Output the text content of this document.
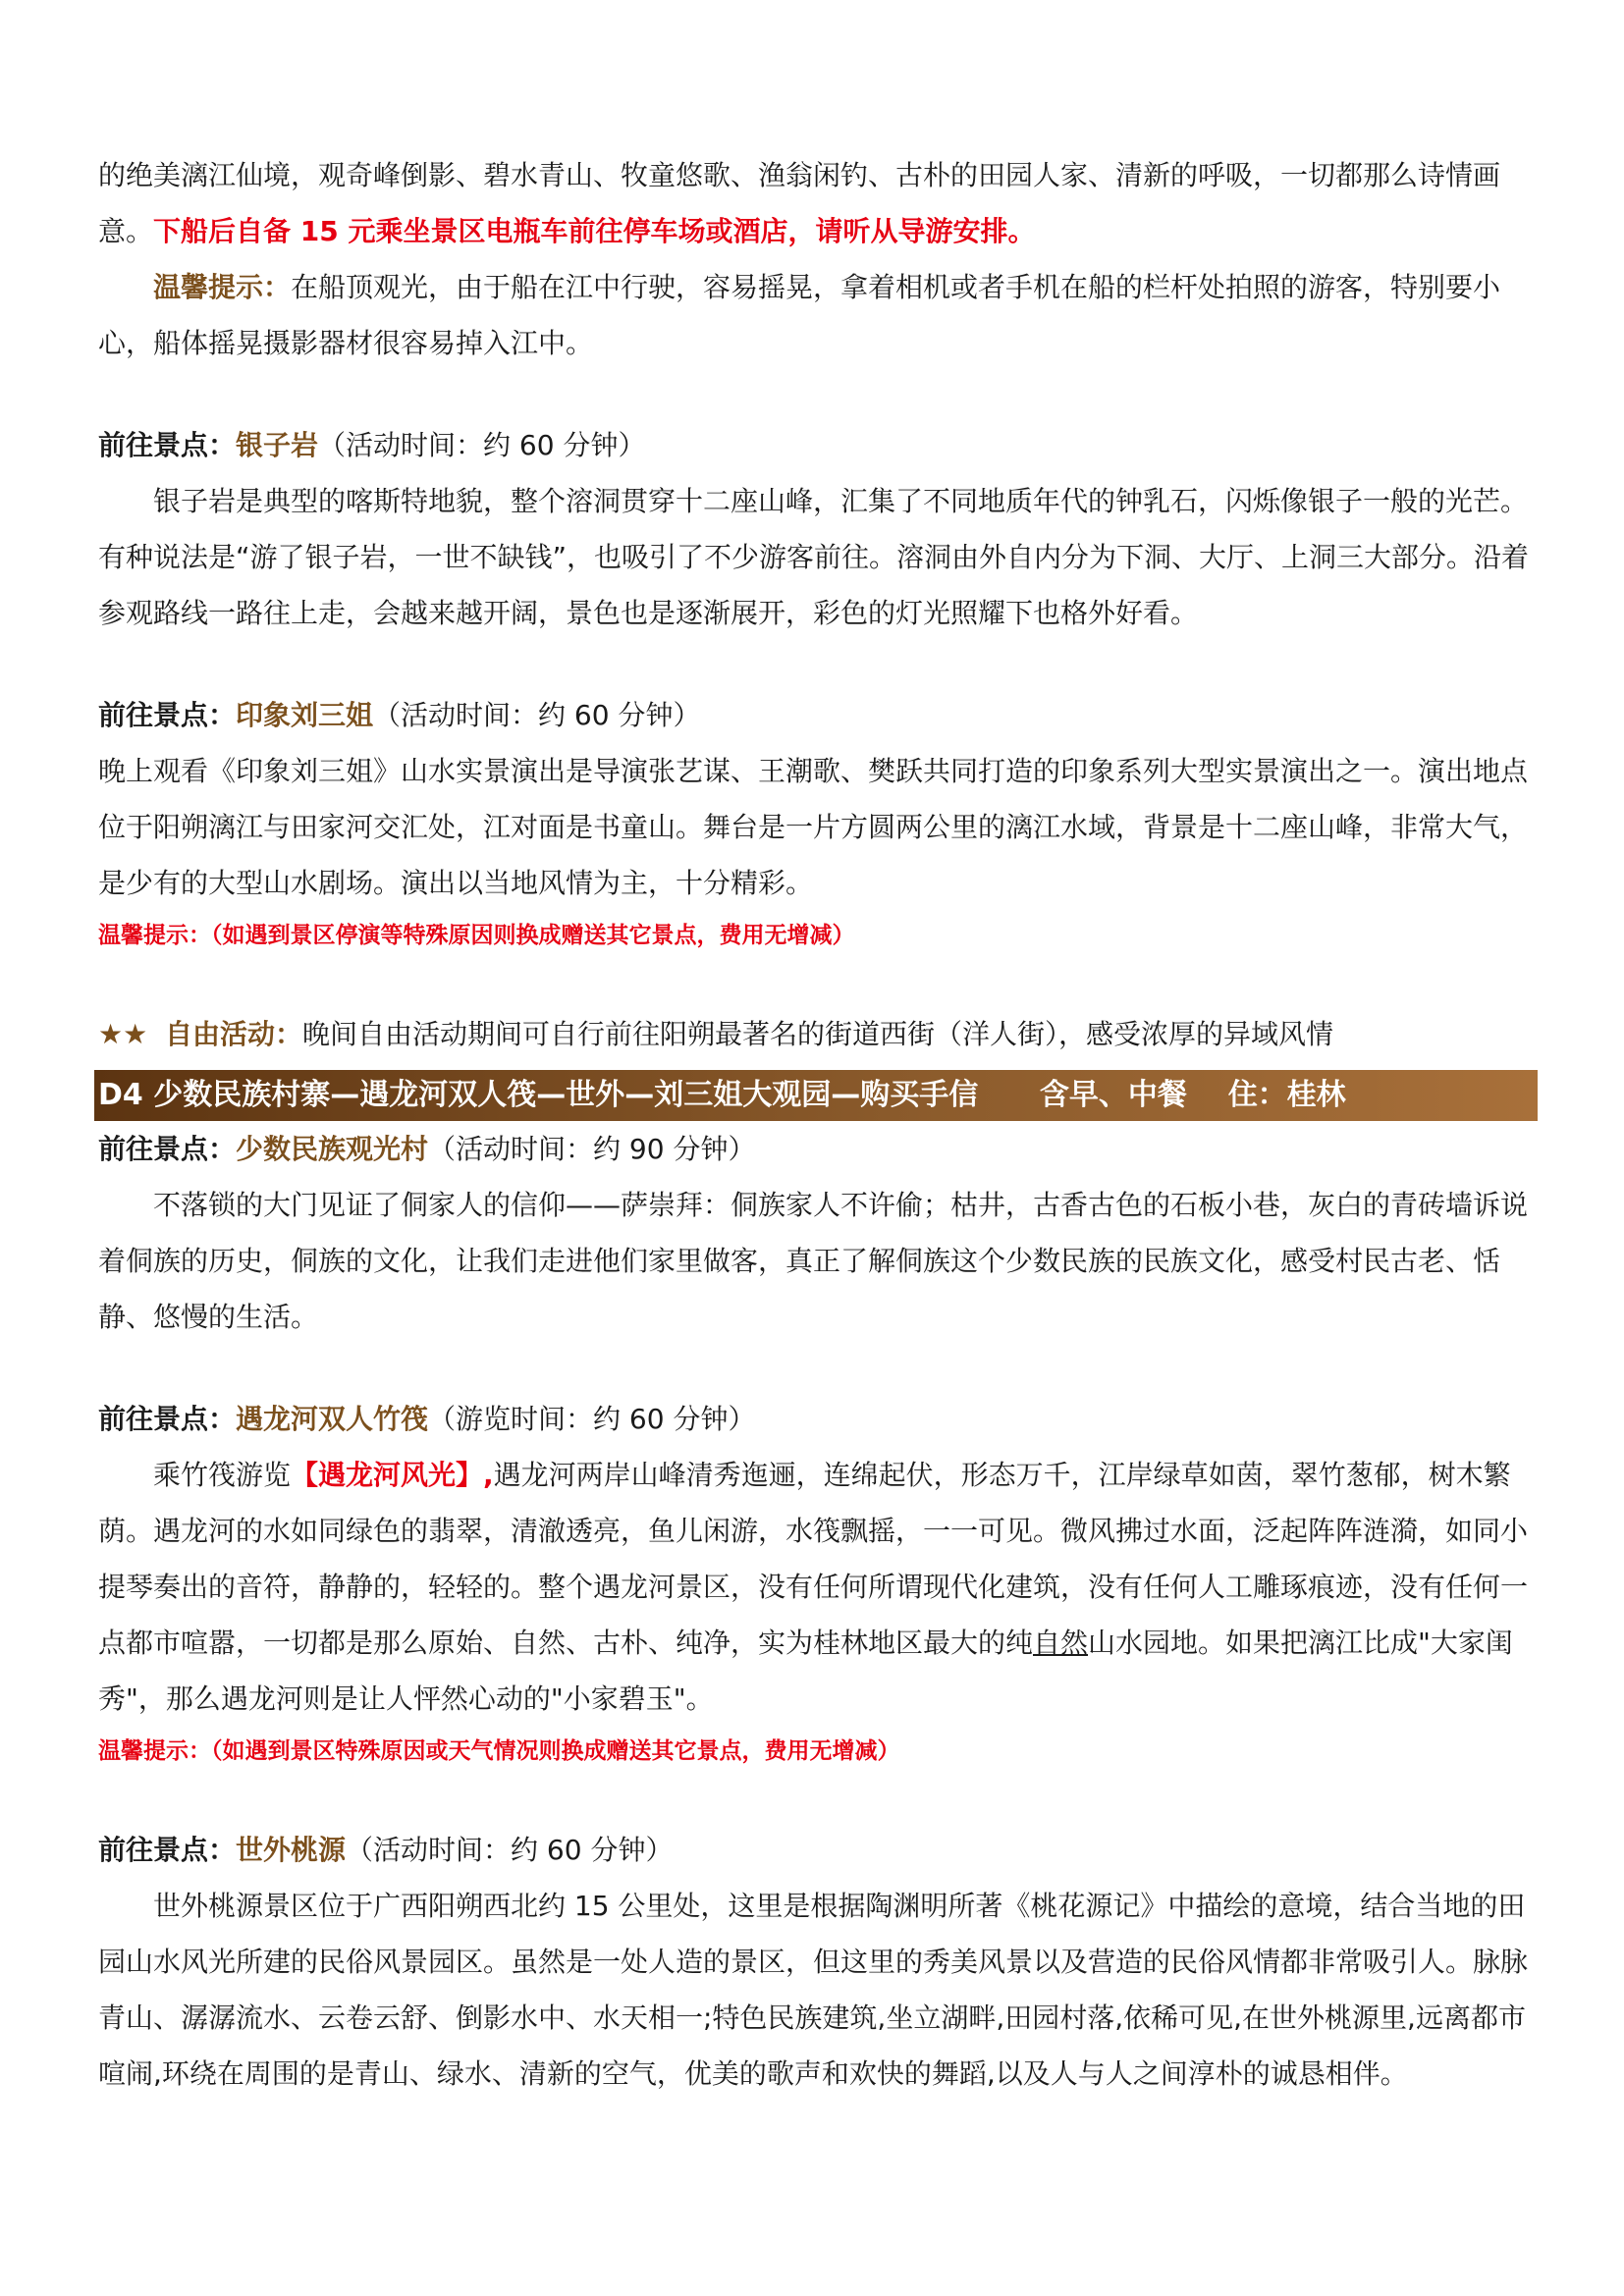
的绝美漓江仙境，观奇峰倒影、碧水青山、牧童悠歌、渔翁闲钓、古朴的田园人家、清新的呼吸，一切都那么诗情画意。下船后自备 15 元乘坐景区电瓶车前往停车场或酒店，请听从导游安排。

温馨提示：在船顶观光，由于船在江中行驶，容易摇晃，拿着相机或者手机在船的栏杆处拍照的游客，特别要小心，船体摇晃摄影器材很容易掉入江中。

前往景点：银子岩（活动时间：约 60 分钟）

银子岩是典型的喀斯特地貌，整个溶洞贯穿十二座山峰，汇集了不同地质年代的钟乳石，闪烁像银子一般的光芒。有种说法是“游了银子岩，一世不缺钱”，也吸引了不少游客前往。溶洞由外自内分为下洞、大厅、上洞三大部分。沿着参观路线一路往上走，会越来越开阔，景色也是逐渐展开，彩色的灯光照耀下也格外好看。

前往景点：印象刘三姐（活动时间：约 60 分钟）

晚上观看《印象刘三姐》山水实景演出是导演张艺谋、王潮歌、樊跃共同打造的印象系列大型实景演出之一。演出地点位于阳朔漓江与田家河交汇处，江对面是书童山。舞台是一片方圆两公里的漓江水域，背景是十二座山峰，非常大气，是少有的大型山水剧场。演出以当地风情为主，十分精彩。

温馨提示：（如遇到景区停演等特殊原因则换成赠送其它景点，费用无增减）

★★ 自由活动：晚间自由活动期间可自行前往阳朔最著名的街道西街（洋人街），感受浓厚的异域风情

D4 少数民族村寨—遇龙河双人筏—世外—刘三姐大观园—购买手信 含早、中餐 住：桂林

前往景点：少数民族观光村（活动时间：约 90 分钟）

不落锁的大门见证了侗家人的信仰——萨崇拜：侗族家人不许偷；枯井，古香古色的石板小巷，灰白的青砖墙诉说着侗族的历史，侗族的文化，让我们走进他们家里做客，真正了解侗族这个少数民族的民族文化，感受村民古老、恬静、悠慢的生活。

前往景点：遇龙河双人竹筏（游览时间：约 60 分钟）

乘竹筏游览【遇龙河风光】,遇龙河两岸山峰清秀迤逦，连绵起伏，形态万千，江岸绿草如茵，翠竹葱郁，树木繁荫。遇龙河的水如同绿色的翡翠，清澈透亮，鱼儿闲游，水筏飘摇，一一可见。微风拂过水面，泛起阵阵涟漪，如同小提琴奏出的音符，静静的，轻轻的。整个遇龙河景区，没有任何所谓现代化建筑，没有任何人工雕琢痕迹，没有任何一点都市喧嚣，一切都是那么原始、自然、古朴、纯净，实为桂林地区最大的纯自然山水园地。如果把漓江比成"大家闺秀"，那么遇龙河则是让人怦然心动的"小家碧玉"。

温馨提示：（如遇到景区特殊原因或天气情况则换成赠送其它景点，费用无增减）

前往景点：世外桃源（活动时间：约 60 分钟）

世外桃源景区位于广西阳朔西北约 15 公里处，这里是根据陶渊明所著《桃花源记》中描绘的意境，结合当地的田园山水风光所建的民俗风景园区。虽然是一处人造的景区，但这里的秀美风景以及营造的民俗风情都非常吸引人。脉脉青山、潺潺流水、云卷云舒、倒影水中、水天相一;特色民族建筑,坐立湖畔,田园村落,依稀可见,在世外桃源里,远离都市喧闹,环绕在周围的是青山、绿水、清新的空气，优美的歌声和欢快的舞蹈,以及人与人之间淳朴的诚恳相伴。
